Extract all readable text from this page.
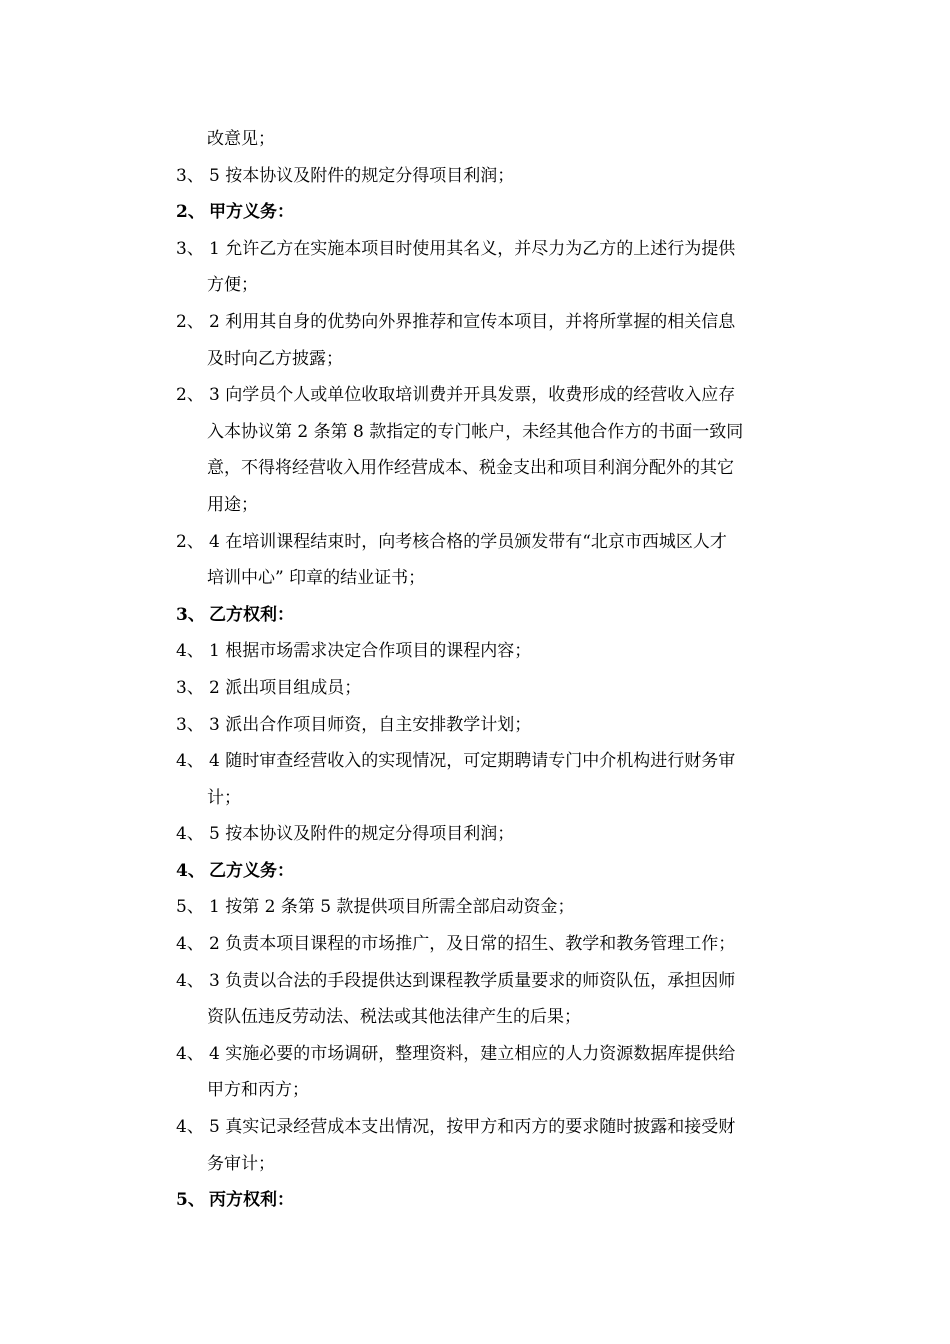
改意见；
3、 5 按本协议及附件的规定分得项目利润；
2、 甲方义务：
3、 1 允许乙方在实施本项目时使用其名义，并尽力为乙方的上述行为提供
方便；
2、 2 利用其自身的优势向外界推荐和宣传本项目，并将所掌握的相关信息
及时向乙方披露；
2、 3 向学员个人或单位收取培训费并开具发票，收费形成的经营收入应存
入本协议第 2 条第 8 款指定的专门帐户，未经其他合作方的书面一致同
意，不得将经营收入用作经营成本、税金支出和项目利润分配外的其它
用途；
2、 4 在培训课程结束时，向考核合格的学员颁发带有“北京市西城区人才
培训中心” 印章的结业证书；
3、 乙方权利：
4、 1 根据市场需求决定合作项目的课程内容；
3、 2 派出项目组成员；
3、 3 派出合作项目师资，自主安排教学计划；
4、 4 随时审查经营收入的实现情况，可定期聘请专门中介机构进行财务审
计；
4、 5 按本协议及附件的规定分得项目利润；
4、 乙方义务：
5、 1 按第 2 条第 5 款提供项目所需全部启动资金；
4、 2 负责本项目课程的市场推广，及日常的招生、教学和教务管理工作；
4、 3 负责以合法的手段提供达到课程教学质量要求的师资队伍，承担因师
资队伍违反劳动法、税法或其他法律产生的后果；
4、 4 实施必要的市场调研，整理资料，建立相应的人力资源数据库提供给
甲方和丙方；
4、 5 真实记录经营成本支出情况，按甲方和丙方的要求随时披露和接受财
务审计；
5、 丙方权利：
